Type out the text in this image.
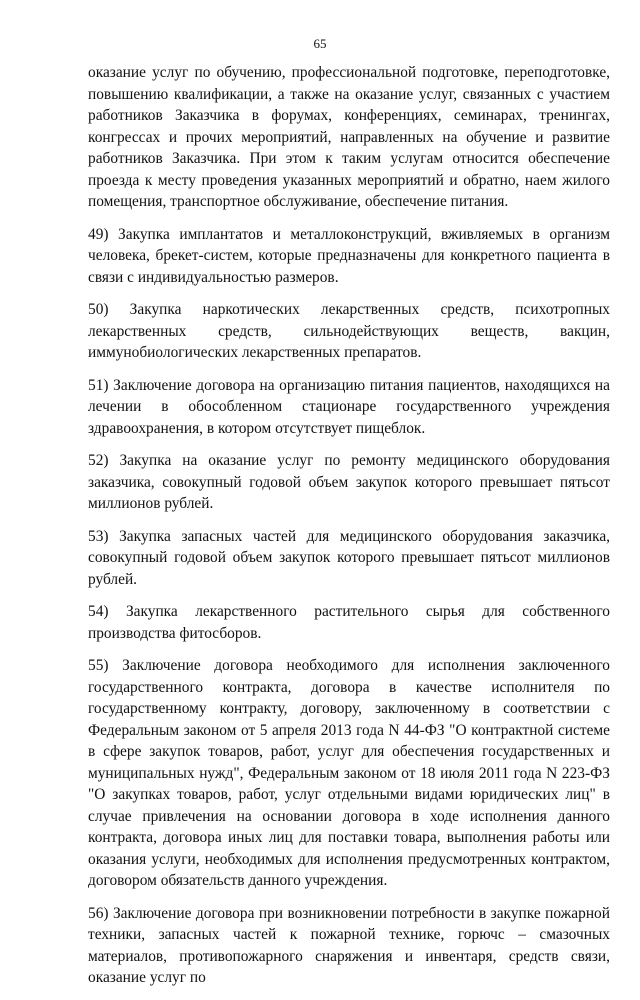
65

оказание услуг по обучению, профессиональной подготовке, переподготовке, повышению квалификации, а также на оказание услуг, связанных с участием работников Заказчика в форумах, конференциях, семинарах, тренингах, конгрессах и прочих мероприятий, направленных на обучение и развитие работников Заказчика. При этом к таким услугам относится обеспечение проезда к месту проведения указанных мероприятий и обратно, наем жилого помещения, транспортное обслуживание, обеспечение питания.

49) Закупка имплантатов и металлоконструкций, вживляемых в организм человека, брекет-систем, которые предназначены для конкретного пациента в связи с индивидуальностью размеров.

50) Закупка наркотических лекарственных средств, психотропных лекарственных средств, сильнодействующих веществ, вакцин, иммунобиологических лекарственных препаратов.

51) Заключение договора на организацию питания пациентов, находящихся на лечении в обособленном стационаре государственного учреждения здравоохранения, в котором отсутствует пищеблок.

52) Закупка на оказание услуг по ремонту медицинского оборудования заказчика, совокупный годовой объем закупок которого превышает пятьсот миллионов рублей.

53) Закупка запасных частей для медицинского оборудования заказчика, совокупный годовой объем закупок которого превышает пятьсот миллионов рублей.

54) Закупка лекарственного растительного сырья для собственного производства фитосборов.

55) Заключение договора необходимого для исполнения заключенного государственного контракта, договора в качестве исполнителя по государственному контракту, договору, заключенному в соответствии с Федеральным законом от 5 апреля 2013 года N 44-ФЗ "О контрактной системе в сфере закупок товаров, работ, услуг для обеспечения государственных и муниципальных нужд", Федеральным законом от 18 июля 2011 года N 223-ФЗ "О закупках товаров, работ, услуг отдельными видами юридических лиц" в случае привлечения на основании договора в ходе исполнения данного контракта, договора иных лиц для поставки товара, выполнения работы или оказания услуги, необходимых для исполнения предусмотренных контрактом, договором обязательств данного учреждения.

56) Заключение договора при возникновении потребности в закупке пожарной техники, запасных частей к пожарной технике, горючс – смазочных материалов, противопожарного снаряжения и инвентаря, средств связи, оказание услуг по
